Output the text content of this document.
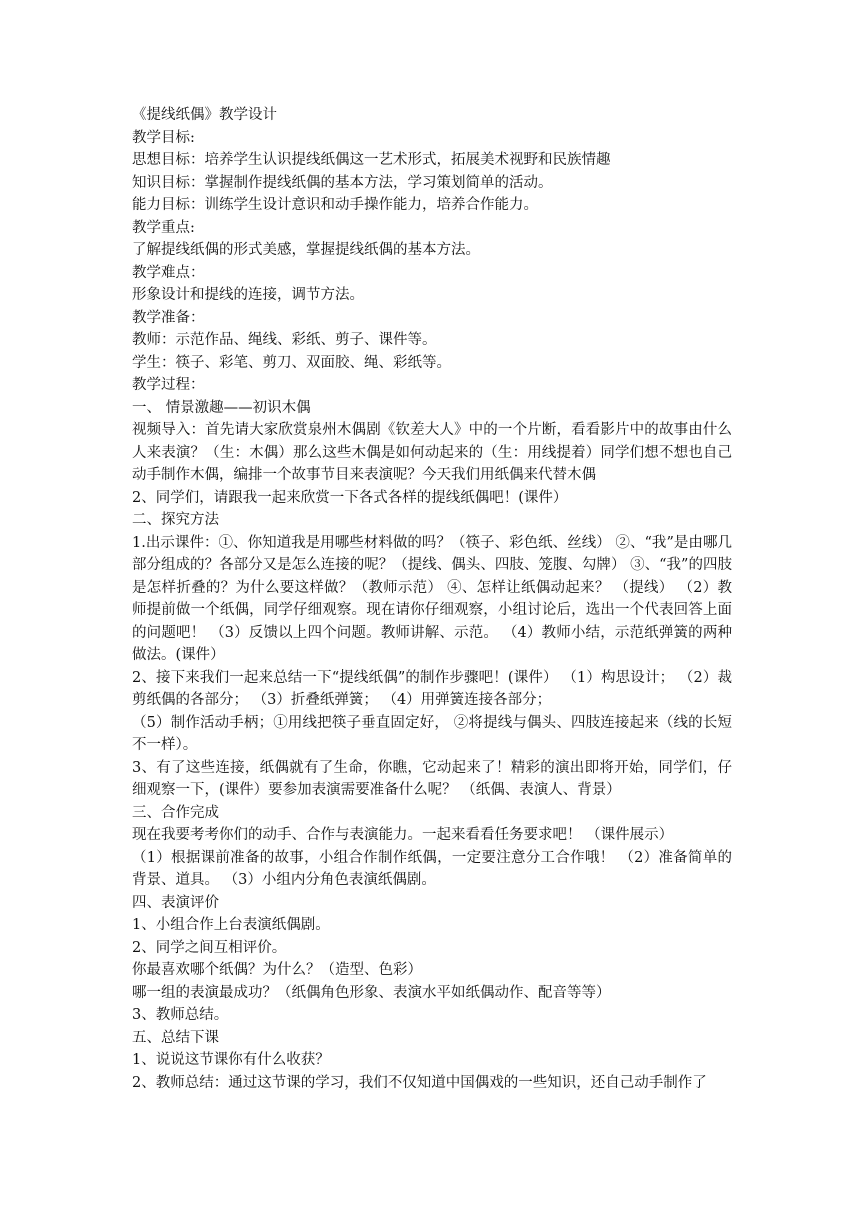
《提线纸偶》教学设计

教学目标:

思想目标：培养学生认识提线纸偶这一艺术形式，拓展美术视野和民族情趣

知识目标：掌握制作提线纸偶的基本方法，学习策划简单的活动。

能力目标：训练学生设计意识和动手操作能力，培养合作能力。

教学重点:

了解提线纸偶的形式美感，掌握提线纸偶的基本方法。

教学难点：

形象设计和提线的连接，调节方法。

教学准备：

教师：示范作品、绳线、彩纸、剪子、课件等。

学生：筷子、彩笔、剪刀、双面胶、绳、彩纸等。

教学过程：

一、 情景激趣——初识木偶

视频导入：首先请大家欣赏泉州木偶剧《钦差大人》中的一个片断，看看影片中的故事由什么人来表演？（生：木偶）那么这些木偶是如何动起来的（生：用线提着）同学们想不想也自己动手制作木偶，编排一个故事节目来表演呢？今天我们用纸偶来代替木偶

2、同学们，请跟我一起来欣赏一下各式各样的提线纸偶吧！(课件）

二、探究方法

1.出示课件：①、你知道我是用哪些材料做的吗？（筷子、彩色纸、丝线） ②、“我”是由哪几部分组成的？各部分又是怎么连接的呢？（提线、偶头、四肢、笼腹、勾牌） ③、“我”的四肢是怎样折叠的？为什么要这样做？（教师示范） ④、怎样让纸偶动起来？ （提线） （2）教师提前做一个纸偶，同学仔细观察。现在请你仔细观察，小组讨论后，选出一个代表回答上面的问题吧！ （3）反馈以上四个问题。教师讲解、示范。 （4）教师小结，示范纸弹簧的两种做法。(课件）

2、接下来我们一起来总结一下“提线纸偶”的制作步骤吧！(课件） （1）构思设计； （2）裁剪纸偶的各部分； （3）折叠纸弹簧； （4）用弹簧连接各部分；

（5）制作活动手柄；①用线把筷子垂直固定好， ②将提线与偶头、四肢连接起来（线的长短不一样）。

3、有了这些连接，纸偶就有了生命，你瞧，它动起来了！精彩的演出即将开始，同学们，仔细观察一下，(课件）要参加表演需要准备什么呢？ （纸偶、表演人、背景）

三、合作完成

现在我要考考你们的动手、合作与表演能力。一起来看看任务要求吧！ （课件展示）

（1）根据课前准备的故事，小组合作制作纸偶，一定要注意分工合作哦！ （2）准备简单的背景、道具。 （3）小组内分角色表演纸偶剧。

四、表演评价

1、小组合作上台表演纸偶剧。

2、同学之间互相评价。

你最喜欢哪个纸偶？为什么？（造型、色彩）

哪一组的表演最成功？（纸偶角色形象、表演水平如纸偶动作、配音等等）

3、教师总结。

五、总结下课

1、说说这节课你有什么收获？

2、教师总结：通过这节课的学习，我们不仅知道中国偶戏的一些知识，还自己动手制作了
